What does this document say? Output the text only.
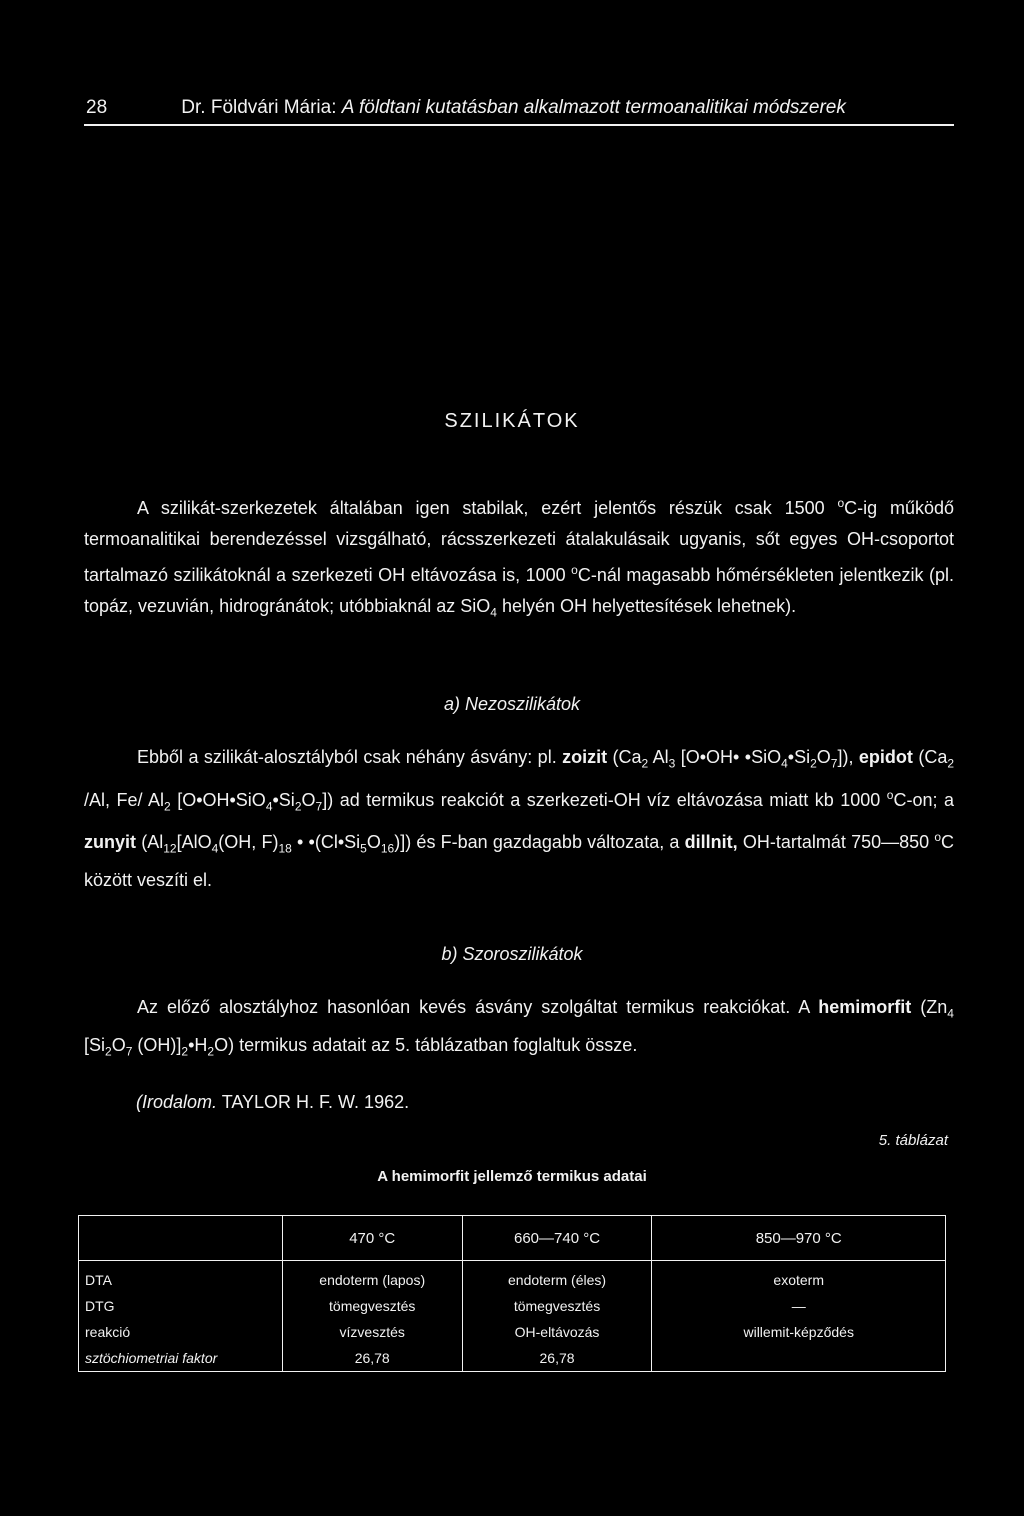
28	Dr. Földvári Mária: A földtani kutatásban alkalmazott termoanalitikai módszerek
SZILIKÁTOK
A szilikát-szerkezetek általában igen stabilak, ezért jelentős részük csak 1500 $^o$C-ig működő termoanalitikai berendezéssel vizsgálható, rácsszerkezeti átalakulásaik ugyanis, sőt egyes OH-csoportot tartalmazó szilikátoknál a szerkezeti OH eltávozása is, 1000 $^o$C-nál magasabb hőmérsékleten jelentkezik (pl. topáz, vezuvián, hidrogránátok; utóbbiaknál az SiO$_4$ helyén OH helyettesítések lehetnek).
a) Nezoszilikátok
Ebből a szilikát-alosztályból csak néhány ásvány: pl. zoizit ($Ca_2$ $Al_3$ [O•OH• $•SiO_4•Si_2O_7$]), epidot ($Ca_2$ /Al, Fe/ $Al_2$ $[O•OH•SiO_4•Si_2O_7]$) ad termikus reakciót a szerkezeti-OH víz eltávozása miatt kb 1000 $^o$C-on; a zunyit ($Al_{12}[AlO_4(OH$, $F)_{18}$ • $•(Cl•Si_5O_{16})$]) és F-ban gazdagabb változata, a dillnit, OH-tartalmát 750—850 $^o$C között veszíti el.
b) Szoroszilikátok
Az előző alosztályhoz hasonlóan kevés ásvány szolgáltat termikus reakciókat. A hemimorfit ($Zn_4$ [$Si_2O_7$ $(OH)]_2•H_2O$) termikus adatait az 5. táblázatban foglaltuk össze.
(Irodalom. TAYLOR H. F. W. 1962.
5. táblázat
A hemimorfit jellemző termikus adatai
	470 °C	660—740 °C	850—970 °C
DTA	endoterm (lapos)	endoterm (éles)	exoterm
DTG	tömegvesztés	tömegvesztés	—
reakció	vízvesztés	OH-eltávozás	willemit-képződés
sztöchiometriai faktor	26,78	26,78	
